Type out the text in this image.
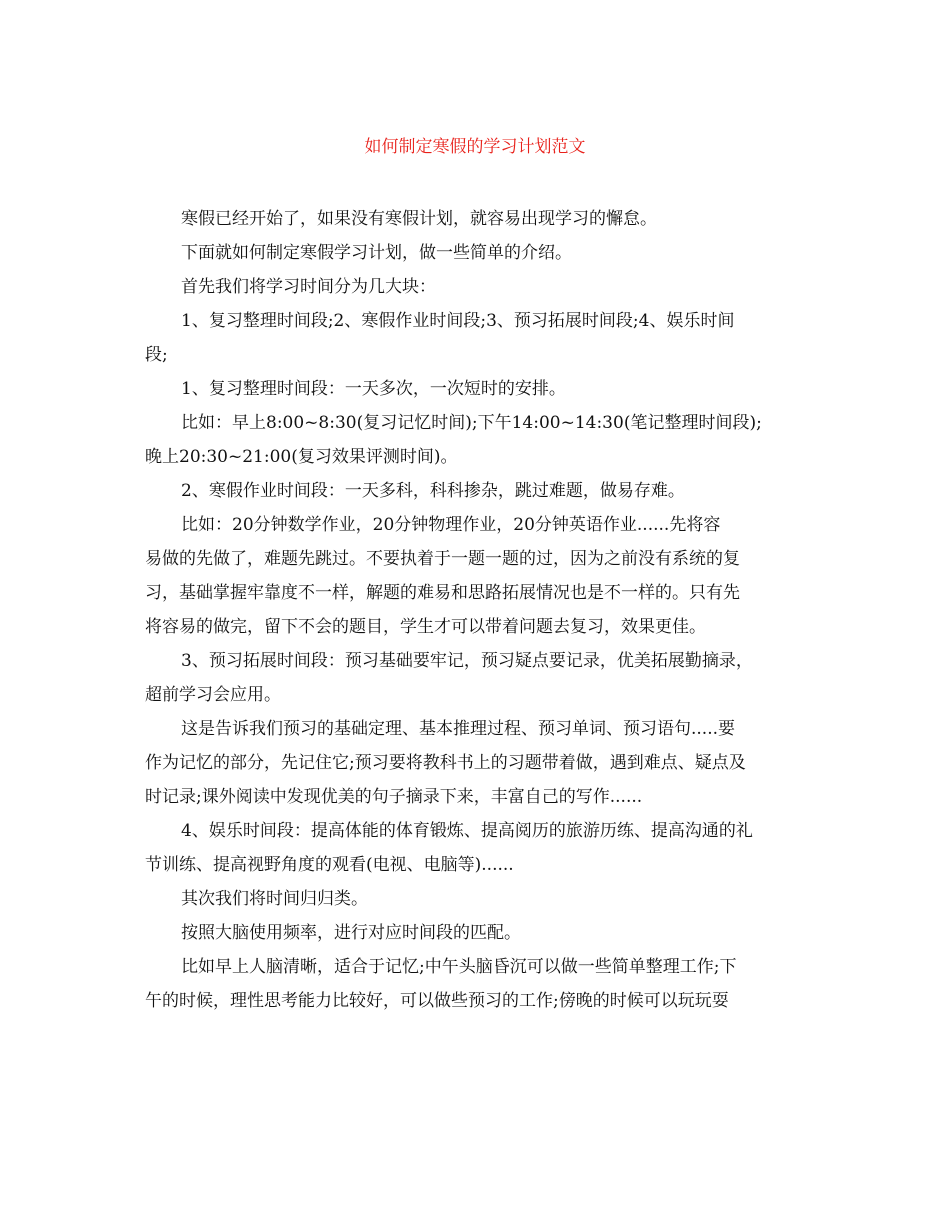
如何制定寒假的学习计划范文
寒假已经开始了，如果没有寒假计划，就容易出现学习的懈怠。
下面就如何制定寒假学习计划，做一些简单的介绍。
首先我们将学习时间分为几大块：
1、复习整理时间段;2、寒假作业时间段;3、预习拓展时间段;4、娱乐时间
段;
1、复习整理时间段：一天多次，一次短时的安排。
比如：早上8:00~8:30(复习记忆时间);下午14:00~14:30(笔记整理时间段);
晚上20:30~21:00(复习效果评测时间)。
2、寒假作业时间段：一天多科，科科掺杂，跳过难题，做易存难。
比如：20分钟数学作业，20分钟物理作业，20分钟英语作业......先将容
易做的先做了，难题先跳过。不要执着于一题一题的过，因为之前没有系统的复
习，基础掌握牢靠度不一样，解题的难易和思路拓展情况也是不一样的。只有先
将容易的做完，留下不会的题目，学生才可以带着问题去复习，效果更佳。
3、预习拓展时间段：预习基础要牢记，预习疑点要记录，优美拓展勤摘录，
超前学习会应用。
这是告诉我们预习的基础定理、基本推理过程、预习单词、预习语句.....要
作为记忆的部分，先记住它;预习要将教科书上的习题带着做，遇到难点、疑点及
时记录;课外阅读中发现优美的句子摘录下来，丰富自己的写作......
4、娱乐时间段：提高体能的体育锻炼、提高阅历的旅游历练、提高沟通的礼
节训练、提高视野角度的观看(电视、电脑等)......
其次我们将时间归归类。
按照大脑使用频率，进行对应时间段的匹配。
比如早上人脑清晰，适合于记忆;中午头脑昏沉可以做一些简单整理工作;下
午的时候，理性思考能力比较好，可以做些预习的工作;傍晚的时候可以玩玩耍
